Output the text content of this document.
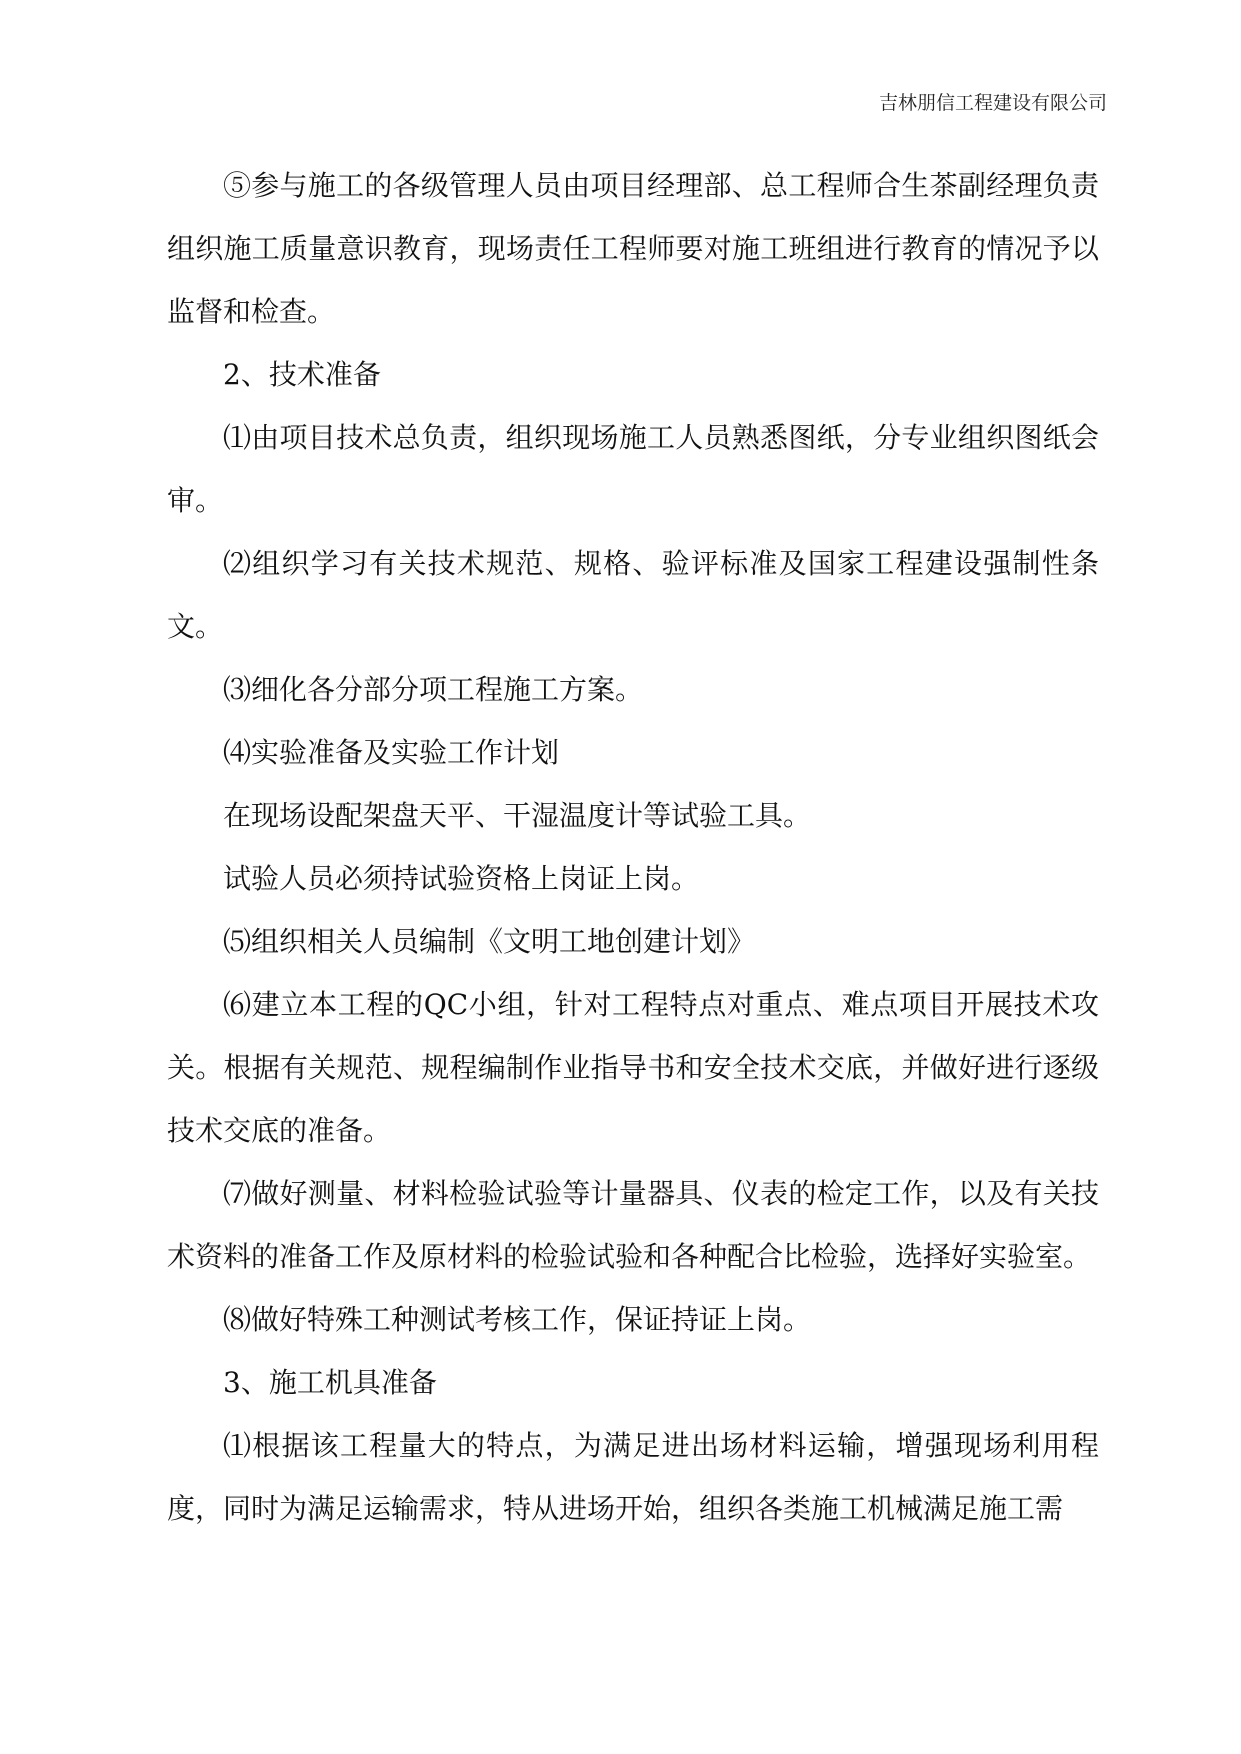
吉林朋信工程建设有限公司

⑤参与施工的各级管理人员由项目经理部、总工程师合生茶副经理负责组织施工质量意识教育，现场责任工程师要对施工班组进行教育的情况予以监督和检查。

2、技术准备

⑴由项目技术总负责，组织现场施工人员熟悉图纸，分专业组织图纸会审。

⑵组织学习有关技术规范、规格、验评标准及国家工程建设强制性条文。

⑶细化各分部分项工程施工方案。

⑷实验准备及实验工作计划

在现场设配架盘天平、干湿温度计等试验工具。

试验人员必须持试验资格上岗证上岗。

⑸组织相关人员编制《文明工地创建计划》

⑹建立本工程的QC小组，针对工程特点对重点、难点项目开展技术攻关。根据有关规范、规程编制作业指导书和安全技术交底，并做好进行逐级技术交底的准备。

⑺做好测量、材料检验试验等计量器具、仪表的检定工作，以及有关技术资料的准备工作及原材料的检验试验和各种配合比检验，选择好实验室。

⑻做好特殊工种测试考核工作，保证持证上岗。

3、施工机具准备

⑴根据该工程量大的特点，为满足进出场材料运输，增强现场利用程度，同时为满足运输需求，特从进场开始，组织各类施工机械满足施工需
